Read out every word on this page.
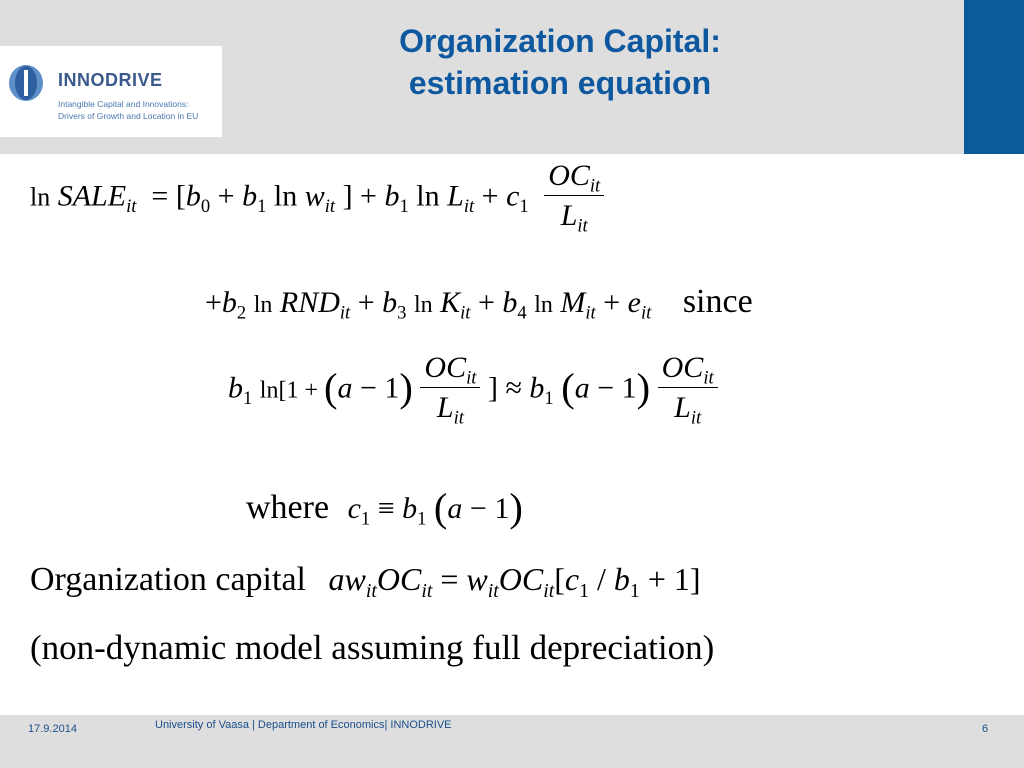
INNODRIVE
Intangible Capital and Innovations:
Drivers of Growth and Location in EU
Organization Capital:
estimation equation
$\ln SALE_{it} = [b_0 + b_1$ $\ln w_{it}$ ] + $b_1$ $\ln L_{it} + c_1 \frac{OC_{it}}{L_{it}}$
$+b_2$ $\ln RND_{it} + b_3$ $\ln K_{it} + b_4$ $\ln M_{it} + e_{it}$ since
$b_1$ $\ln[1 + (a - 1) \frac{OC_{it}}{L_{it}}$ ] ≈ $b_1$ $(a - 1) \frac{OC_{it}}{L_{it}}$
where $c_1 \equiv b_1$ (a − 1)
Organization capital $aw_{it}OC_{it} = w_{it}OC_{it}[c_1 / b_1 + 1]$
(non-dynamic model assuming full depreciation)
17.9.2014	University of Vaasa | Department of Economics| INNODRIVE	6
